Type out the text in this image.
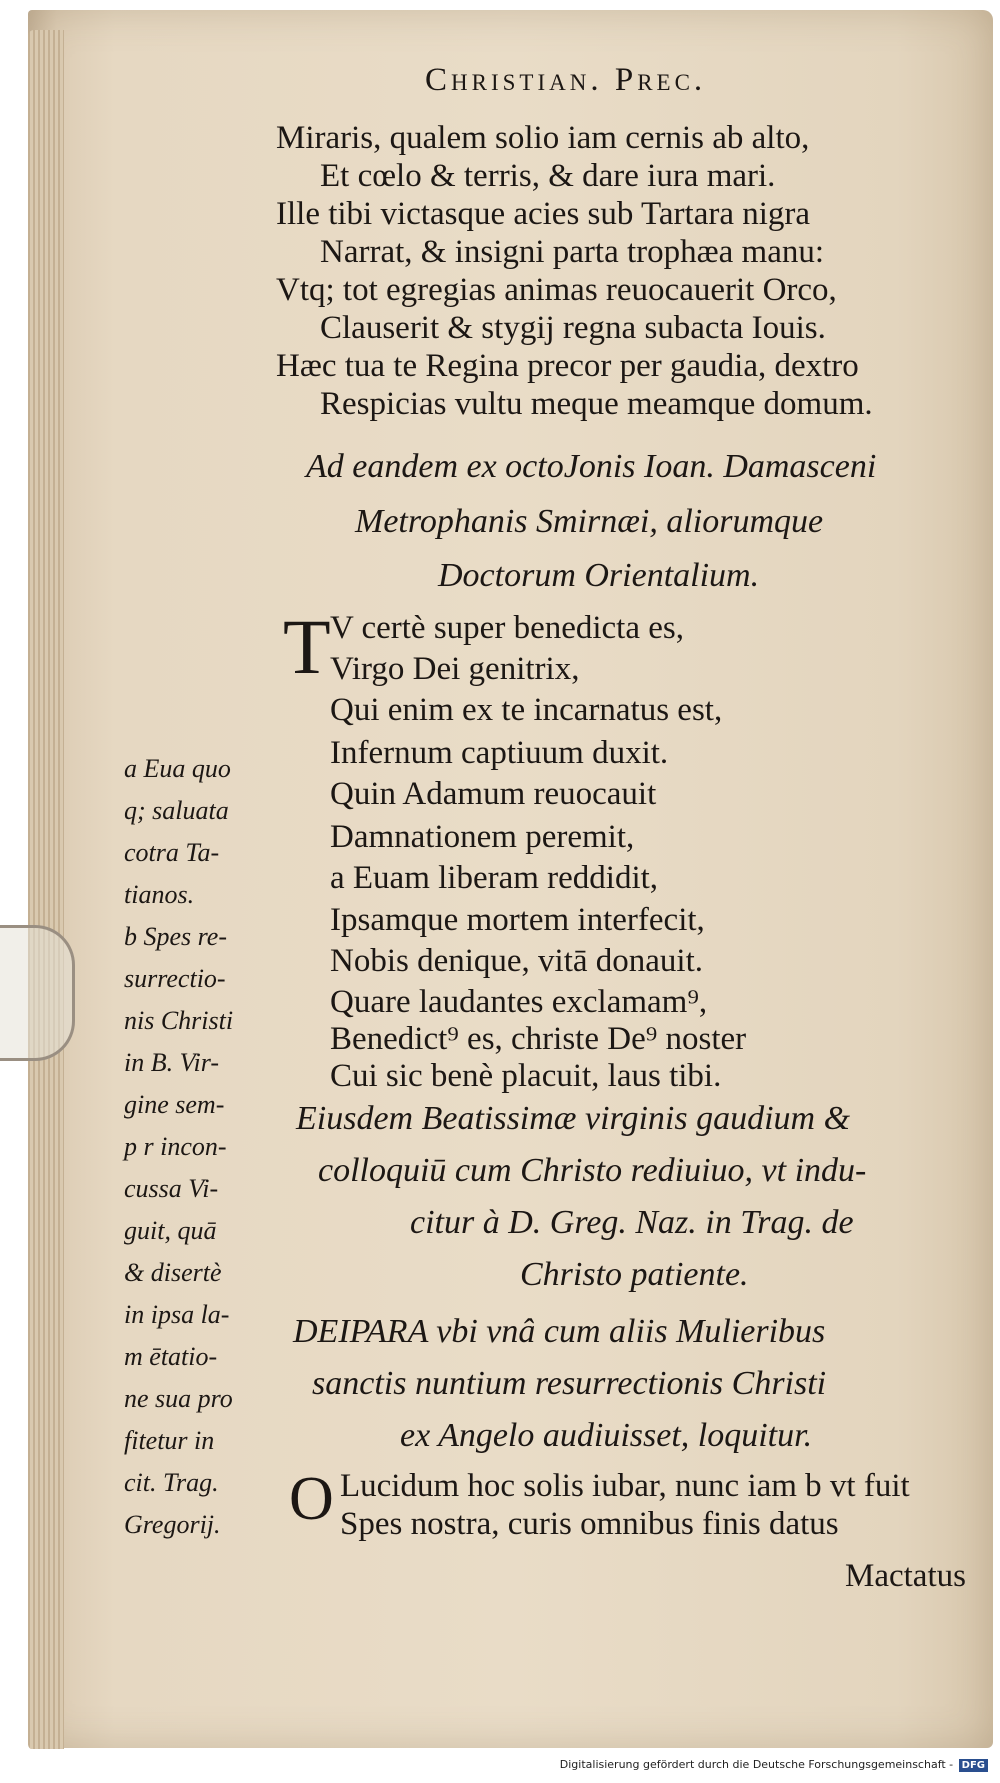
Christian. Prec.
Miraris, qualem solio iam cernis ab alto,
Et cœlo & terris, & dare iura mari.
Ille tibi victasque acies sub Tartara nigra
Narrat, & insigni parta trophæa manu:
Vtq; tot egregias animas reuocauerit Orco,
Clauserit & stygij regna subacta Iouis.
Hæc tua te Regina precor per gaudia, dextro
Respicias vultu meque meamque domum.
Ad eandem ex octoJonis Ioan. Damasceni
Metrophanis Smirnæi, aliorumque
Doctorum Orientalium.
T V certè super benedicta es,
Virgo Dei genitrix,
Qui enim ex te incarnatus est,
Infernum captiuum duxit.
Quin Adamum reuocauit
Damnationem peremit,
a Euam liberam reddidit,
Ipsamque mortem interfecit,
Nobis denique, vitā donauit.
Quare laudantes exclamam⁹,
Benedict⁹ es, christe De⁹ noster
Cui sic benè placuit, laus tibi.
Eiusdem Beatissimæ virginis gaudium &
colloquiū cum Christo rediuiuo, vt indu-
citur à D. Greg. Naz. in Trag. de
Christo patiente.
DEIPARA vbi vnâ cum aliis Mulieribus
sanctis nuntium resurrectionis Christi
ex Angelo audiuisset, loquitur.
O Lucidum hoc solis iubar, nunc iam b vt fuit
Spes nostra, curis omnibus finis datus
Mactatus
a Eua quo
q; saluata
cotra Ta-
tianos.
b Spes re-
surrectio-
nis Christi
in B. Vir-
gine sem-
p r incon-
cussa Vi-
guit, quā
& disertè
in ipsa la-
m ētatio-
ne sua pro
fitetur in
cit. Trag.
Gregorij.
Digitalisierung gefördert durch die Deutsche Forschungsgemeinschaft - DFG
